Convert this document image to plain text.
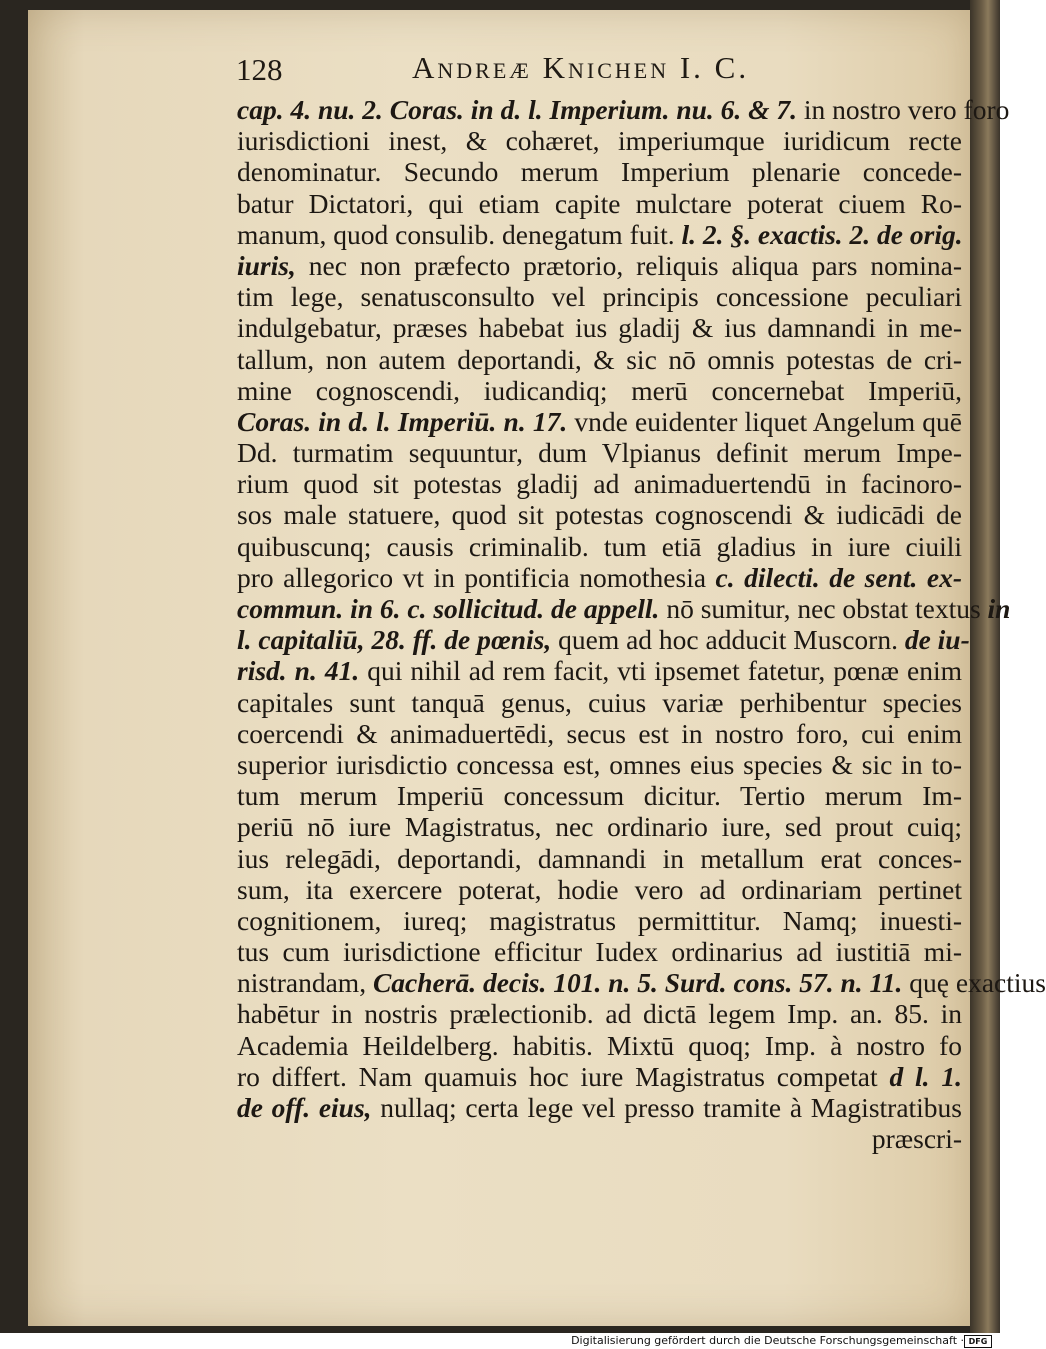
128	Andreæ Knichen I. C.
cap. 4. nu. 2. Coras. in d. l. Imperium. nu. 6. & 7. in nostro vero foro
iurisdictioni inest, & cohæret, imperiumque iuridicum recte
denominatur. Secundo merum Imperium plenarie concede-
batur Dictatori, qui etiam capite mulctare poterat ciuem Ro-
manum, quod consulib. denegatum fuit. l. 2. §. exactis. 2. de orig.
iuris, nec non præfecto prætorio, reliquis aliqua pars nomina-
tim lege, senatusconsulto vel principis concessione peculiari
indulgebatur, præses habebat ius gladij & ius damnandi in me-
tallum, non autem deportandi, & sic nō omnis potestas de cri-
mine cognoscendi, iudicandiq; merū concernebat Imperiū,
Coras. in d. l. Imperiū. n. 17. vnde euidenter liquet Angelum quē
Dd. turmatim sequuntur, dum Vlpianus definit merum Impe-
rium quod sit potestas gladij ad animaduertendū in facinoro-
sos male statuere, quod sit potestas cognoscendi & iudicādi de
quibuscunq; causis criminalib. tum etiā gladius in iure ciuili
pro allegorico vt in pontificia nomothesia c. dilecti. de sent. ex-
commun. in 6. c. sollicitud. de appell. nō sumitur, nec obstat textus in
l. capitaliū, 28. ff. de pœnis, quem ad hoc adducit Muscorn. de iu-
risd. n. 41. qui nihil ad rem facit, vti ipsemet fatetur, pœnæ enim
capitales sunt tanquā genus, cuius variæ perhibentur species
coercendi & animaduertēdi, secus est in nostro foro, cui enim
superior iurisdictio concessa est, omnes eius species & sic in to-
tum merum Imperiū concessum dicitur. Tertio merum Im-
periū nō iure Magistratus, nec ordinario iure, sed prout cuiq;
ius relegādi, deportandi, damnandi in metallum erat conces-
sum, ita exercere poterat, hodie vero ad ordinariam pertinet
cognitionem, iureq; magistratus permittitur. Namq; inuesti-
tus cum iurisdictione efficitur Iudex ordinarius ad iustitiā mi-
nistrandam, Cacherā. decis. 101. n. 5. Surd. cons. 57. n. 11. quę exactius
habētur in nostris prælectionib. ad dictā legem Imp. an. 85. in
Academia Heildelberg. habitis. Mixtū quoq; Imp. à nostro fo
ro differt. Nam quamuis hoc iure Magistratus competat d l. 1.
de off. eius, nullaq; certa lege vel presso tramite à Magistratibus
præscri-
Digitalisierung gefördert durch die Deutsche Forschungsgemeinschaft · DFG
